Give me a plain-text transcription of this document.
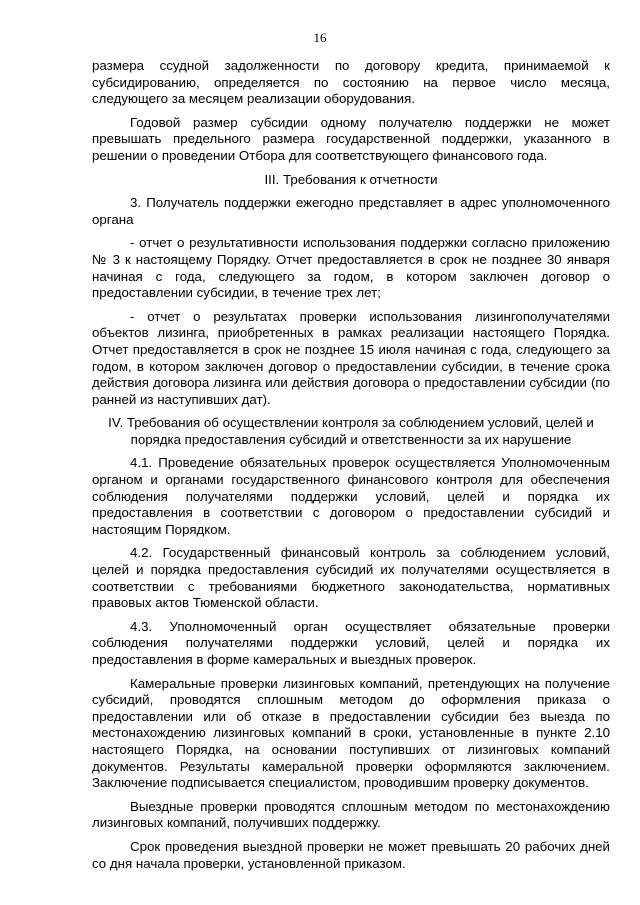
16

размера ссудной задолженности по договору кредита, принимаемой к субсидированию, определяется по состоянию на первое число месяца, следующего за месяцем реализации оборудования.

Годовой размер субсидии одному получателю поддержки не может превышать предельного размера государственной поддержки, указанного в решении о проведении Отбора для соответствующего финансового года.

III. Требования к отчетности

3. Получатель поддержки ежегодно представляет в адрес уполномоченного органа

- отчет о результативности использования поддержки согласно приложению № 3 к настоящему Порядку. Отчет предоставляется в срок не позднее 30 января начиная с года, следующего за годом, в котором заключен договор о предоставлении субсидии, в течение трех лет;

- отчет о результатах проверки использования лизингополучателями объектов лизинга, приобретенных в рамках реализации настоящего Порядка. Отчет предоставляется в срок не позднее 15 июля начиная с года, следующего за годом, в котором заключен договор о предоставлении субсидии, в течение срока действия договора лизинга или действия договора о предоставлении субсидии (по ранней из наступивших дат).

IV. Требования об осуществлении контроля за соблюдением условий, целей и порядка предоставления субсидий и ответственности за их нарушение

4.1. Проведение обязательных проверок осуществляется Уполномоченным органом и органами государственного финансового контроля для обеспечения соблюдения получателями поддержки условий, целей и порядка их предоставления в соответствии с договором о предоставлении субсидий и настоящим Порядком.

4.2. Государственный финансовый контроль за соблюдением условий, целей и порядка предоставления субсидий их получателями осуществляется в соответствии с требованиями бюджетного законодательства, нормативных правовых актов Тюменской области.

4.3. Уполномоченный орган осуществляет обязательные проверки соблюдения получателями поддержки условий, целей и порядка их предоставления в форме камеральных и выездных проверок.

Камеральные проверки лизинговых компаний, претендующих на получение субсидий, проводятся сплошным методом до оформления приказа о предоставлении или об отказе в предоставлении субсидии без выезда по местонахождению лизинговых компаний в сроки, установленные в пункте 2.10 настоящего Порядка, на основании поступивших от лизинговых компаний документов. Результаты камеральной проверки оформляются заключением. Заключение подписывается специалистом, проводившим проверку документов.

Выездные проверки проводятся сплошным методом по местонахождению лизинговых компаний, получивших поддержку.

Срок проведения выездной проверки не может превышать 20 рабочих дней со дня начала проверки, установленной приказом.
